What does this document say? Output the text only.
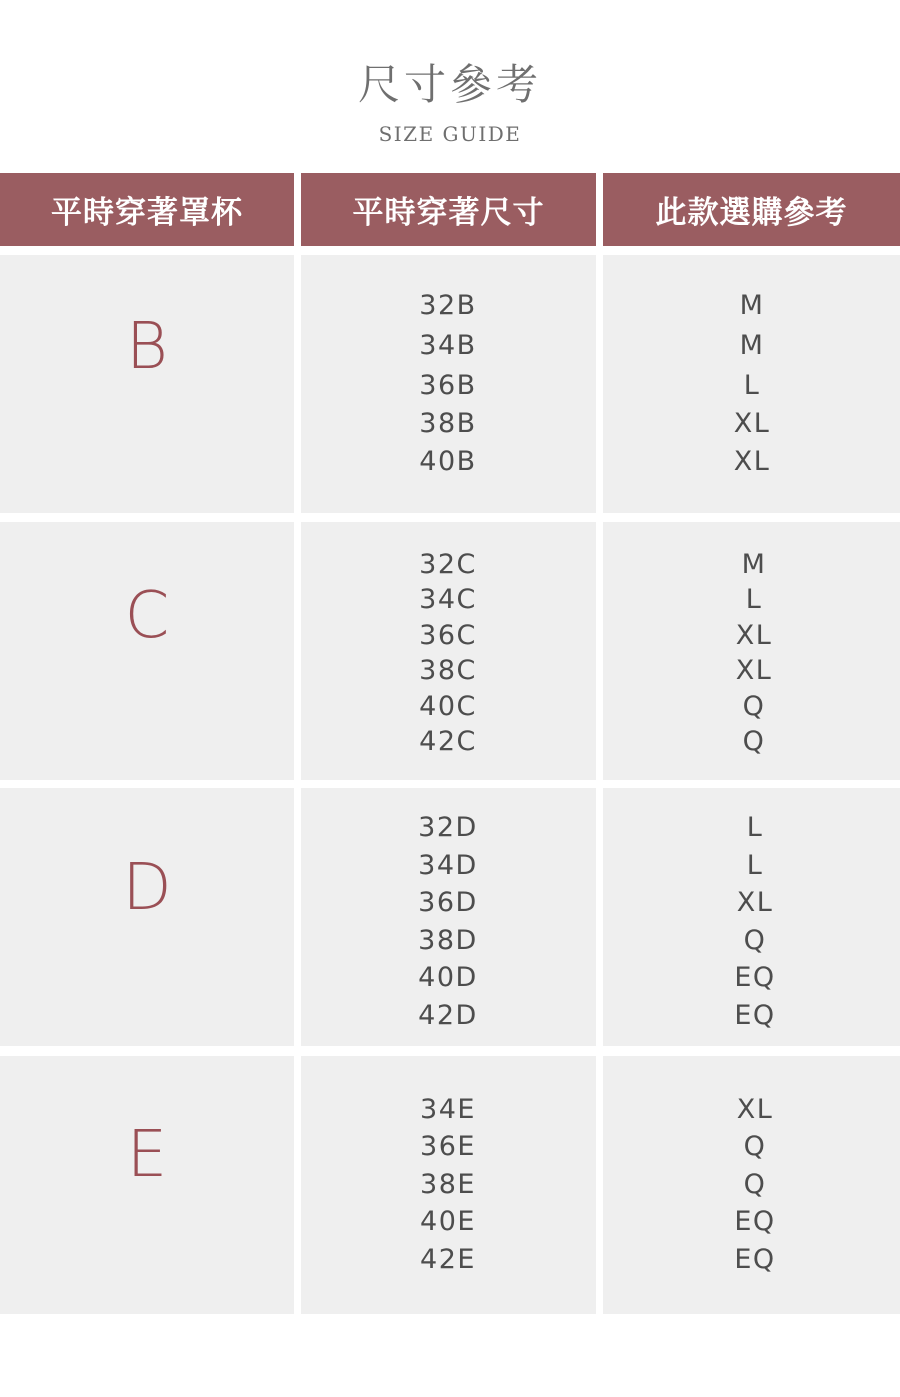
尺寸參考
SIZE GUIDE
平時穿著罩杯	平時穿著尺寸	此款選購參考
B
32B
34B
36B
38B
40B
M
M
L
XL
XL
C
32C
34C
36C
38C
40C
42C
M
L
XL
XL
Q
Q
D
32D
34D
36D
38D
40D
42D
L
L
XL
Q
EQ
EQ
E
34E
36E
38E
40E
42E
XL
Q
Q
EQ
EQ
